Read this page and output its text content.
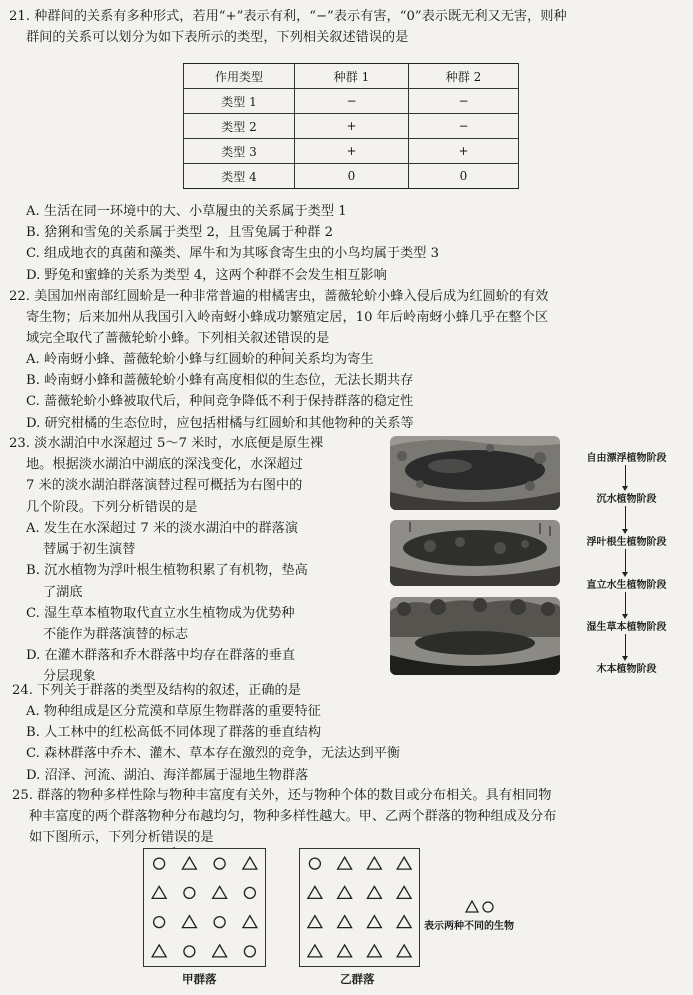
21. 种群间的关系有多种形式，若用“+”表示有利，“−”表示有害，“0”表示既无利又无害，则种
群间的关系可以划分为如下表所示的类型，下列相关叙述错误的是
作用类型	种群 1	种群 2
类型 1	−	−
类型 2	+	−
类型 3	+	+
类型 4	0	0
A. 生活在同一环境中的大、小草履虫的关系属于类型 1
B. 猞猁和雪兔的关系属于类型 2，且雪兔属于种群 2
C. 组成地衣的真菌和藻类、犀牛和为其啄食寄生虫的小鸟均属于类型 3
D. 野兔和蜜蜂的关系为类型 4，这两个种群不会发生相互影响
22. 美国加州南部红圆蚧是一种非常普遍的柑橘害虫，蔷薇轮蚧小蜂入侵后成为红圆蚧的有效
寄生物；后来加州从我国引入岭南蚜小蜂成功繁殖定居，10 年后岭南蚜小蜂几乎在整个区
域完全取代了蔷薇轮蚧小蜂。下列相关叙述错误的是
A. 岭南蚜小蜂、蔷薇轮蚧小蜂与红圆蚧的种间关系均为寄生
B. 岭南蚜小蜂和蔷薇轮蚧小蜂有高度相似的生态位，无法长期共存
C. 蔷薇轮蚧小蜂被取代后，种间竞争降低不利于保持群落的稳定性
D. 研究柑橘的生态位时，应包括柑橘与红圆蚧和其他物种的关系等
23. 淡水湖泊中水深超过 5～7 米时，水底便是原生裸
地。根据淡水湖泊中湖底的深浅变化，水深超过
7 米的淡水湖泊群落演替过程可概括为右图中的
几个阶段。下列分析错误的是
A. 发生在水深超过 7 米的淡水湖泊中的群落演
替属于初生演替
B. 沉水植物为浮叶根生植物积累了有机物，垫高
了湖底
C. 湿生草本植物取代直立水生植物成为优势种
不能作为群落演替的标志
D. 在灌木群落和乔木群落中均存在群落的垂直
分层现象
自由漂浮植物阶段
沉水植物阶段
浮叶根生植物阶段
直立水生植物阶段
湿生草本植物阶段
木本植物阶段
24. 下列关于群落的类型及结构的叙述，正确的是
A. 物种组成是区分荒漠和草原生物群落的重要特征
B. 人工林中的红松高低不同体现了群落的垂直结构
C. 森林群落中乔木、灌木、草本存在激烈的竞争，无法达到平衡
D. 沼泽、河流、湖泊、海洋都属于湿地生物群落
25. 群落的物种多样性除与物种丰富度有关外，还与物种个体的数目或分布相关。具有相同物
种丰富度的两个群落物种分布越均匀，物种多样性越大。甲、乙两个群落的物种组成及分布
如下图所示，下列分析错误的是
甲群落	乙群落
表示两种不同的生物
